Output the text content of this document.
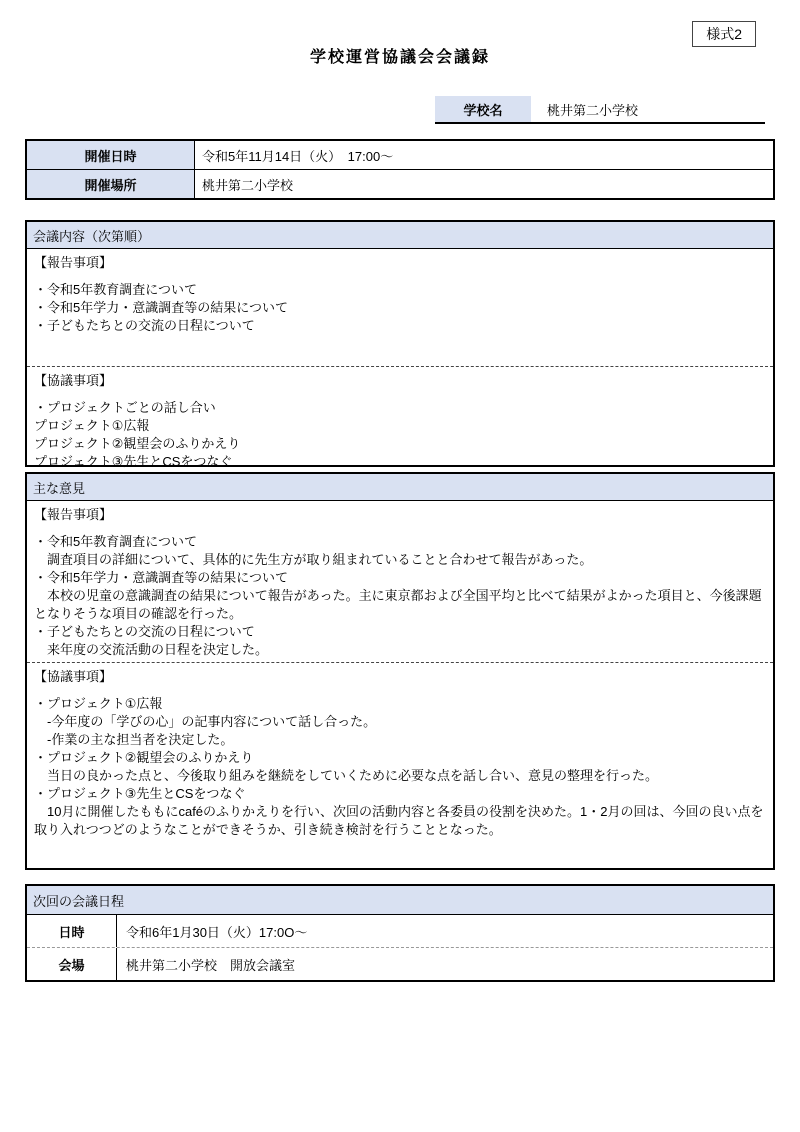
様式2
学校運営協議会会議録
学校名	桃井第二小学校
開催日時	令和5年11月14日（火）　17:00～
開催場所	桃井第二小学校
会議内容（次第順）
【報告事項】
・令和5年教育調査について
・令和5年学力・意識調査等の結果について
・子どもたちとの交流の日程について
【協議事項】
・プロジェクトごとの話し合い
プロジェクト①広報
プロジェクト②観望会のふりかえり
プロジェクト③先生とCSをつなぐ
主な意見
【報告事項】
・令和5年教育調査について
　調査項目の詳細について、具体的に先生方が取り組まれていることと合わせて報告があった。
・令和5年学力・意識調査等の結果について
　本校の児童の意識調査の結果について報告があった。主に東京都および全国平均と比べて結果がよかった項目と、今後課題となりそうな項目の確認を行った。
・子どもたちとの交流の日程について
　来年度の交流活動の日程を決定した。
【協議事項】
・プロジェクト①広報
　-今年度の「学びの心」の記事内容について話し合った。
　-作業の主な担当者を決定した。
・プロジェクト②観望会のふりかえり
　当日の良かった点と、今後取り組みを継続をしていくために必要な点を話し合い、意見の整理を行った。
・プロジェクト③先生とCSをつなぐ
　10月に開催したももにcaféのふりかえりを行い、次回の活動内容と各委員の役割を決めた。1・2月の回は、今回の良い点を取り入れつつどのようなことができそうか、引き続き検討を行うこととなった。
次回の会議日程
日時	令和6年1月30日（火）17:0O～
会場	桃井第二小学校　開放会議室
